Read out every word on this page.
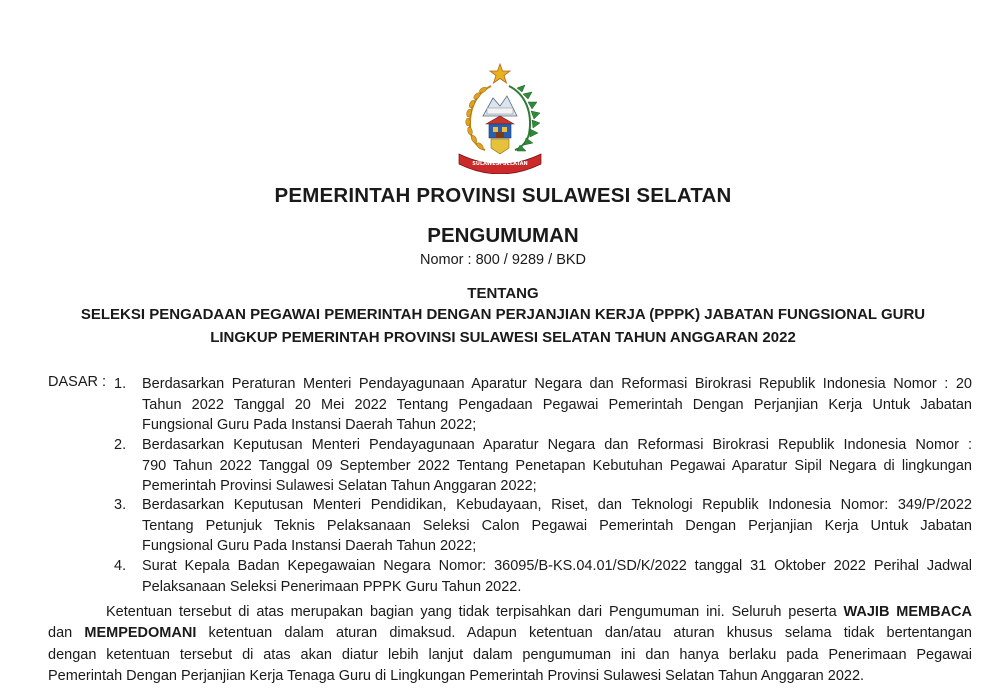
SULAWESI SELATAN
PEMERINTAH PROVINSI SULAWESI SELATAN
PENGUMUMAN
Nomor : 800 / 9289 / BKD
TENTANG
SELEKSI PENGADAAN PEGAWAI PEMERINTAH DENGAN PERJANJIAN KERJA (PPPK) JABATAN FUNGSIONAL GURU
LINGKUP PEMERINTAH PROVINSI SULAWESI SELATAN TAHUN ANGGARAN 2022
DASAR : 1.	Berdasarkan Peraturan Menteri Pendayagunaan Aparatur Negara dan Reformasi Birokrasi Republik Indonesia Nomor : 20
Tahun 2022 Tanggal 20 Mei 2022 Tentang Pengadaan Pegawai Pemerintah Dengan Perjanjian Kerja Untuk Jabatan
Fungsional Guru Pada Instansi Daerah Tahun 2022;
2.	Berdasarkan Keputusan Menteri Pendayagunaan Aparatur Negara dan Reformasi Birokrasi Republik Indonesia Nomor :
790 Tahun 2022 Tanggal 09 September 2022 Tentang Penetapan Kebutuhan Pegawai Aparatur Sipil Negara di lingkungan
Pemerintah Provinsi Sulawesi Selatan Tahun Anggaran 2022;
3.	Berdasarkan Keputusan Menteri Pendidikan, Kebudayaan, Riset, dan Teknologi Republik Indonesia Nomor: 349/P/2022
Tentang Petunjuk Teknis Pelaksanaan Seleksi Calon Pegawai Pemerintah Dengan Perjanjian Kerja Untuk Jabatan
Fungsional Guru Pada Instansi Daerah Tahun 2022;
4.	Surat Kepala Badan Kepegawaian Negara Nomor: 36095/B-KS.04.01/SD/K/2022 tanggal 31 Oktober 2022 Perihal Jadwal
Pelaksanaan Seleksi Penerimaan PPPK Guru Tahun 2022.
Ketentuan tersebut di atas merupakan bagian yang tidak terpisahkan dari Pengumuman ini. Seluruh peserta WAJIB MEMBACA
dan MEMPEDOMANI ketentuan dalam aturan dimaksud. Adapun ketentuan dan/atau aturan khusus selama tidak bertentangan
dengan ketentuan tersebut di atas akan diatur lebih lanjut dalam pengumuman ini dan hanya berlaku pada Penerimaan Pegawai
Pemerintah Dengan Perjanjian Kerja Tenaga Guru di Lingkungan Pemerintah Provinsi Sulawesi Selatan Tahun Anggaran 2022.
